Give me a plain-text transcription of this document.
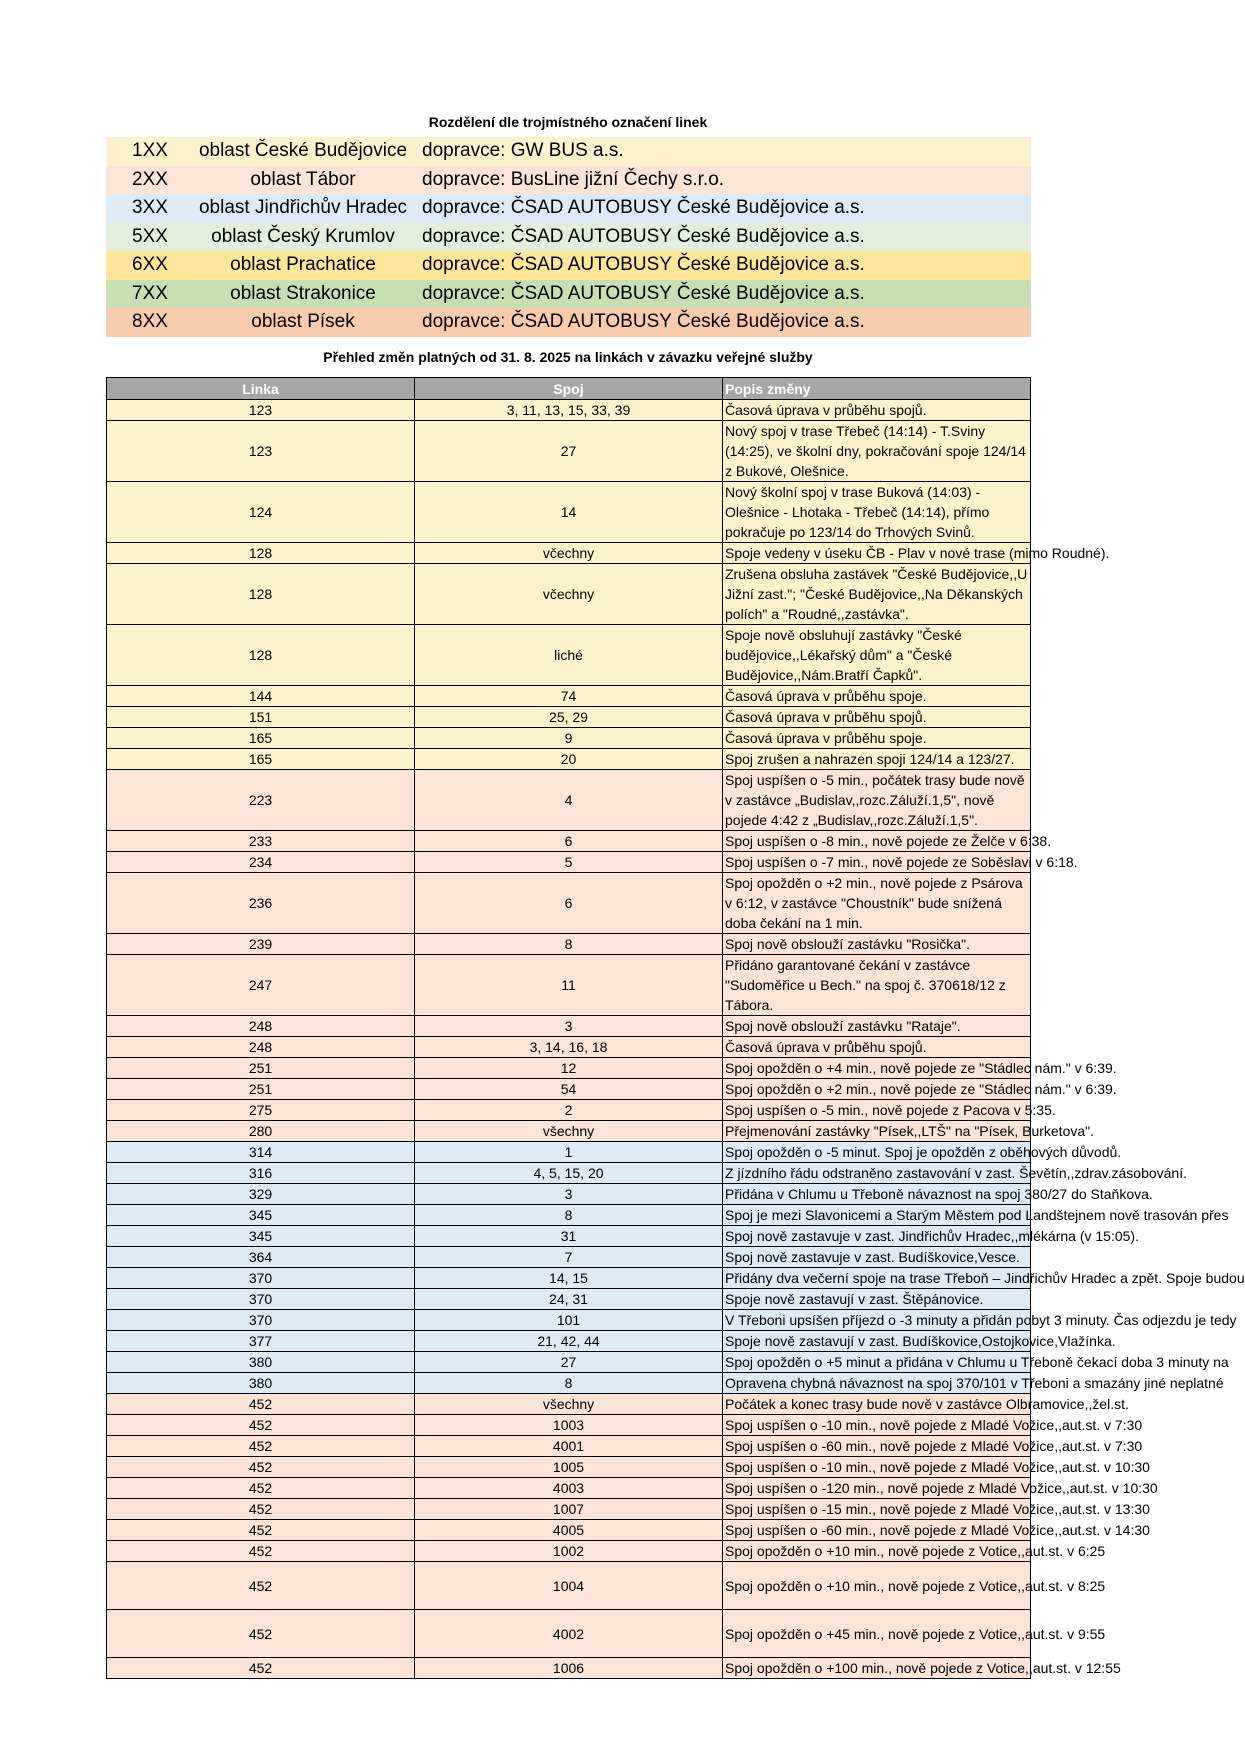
Rozdělení dle trojmístného označení linek
1XX	oblast České Budějovice	dopravce: GW BUS a.s.
2XX	oblast Tábor	dopravce: BusLine jižní Čechy s.r.o.
3XX	oblast Jindřichův Hradec	dopravce: ČSAD AUTOBUSY České Budějovice a.s.
5XX	oblast Český Krumlov	dopravce: ČSAD AUTOBUSY České Budějovice a.s.
6XX	oblast Prachatice	dopravce: ČSAD AUTOBUSY České Budějovice a.s.
7XX	oblast Strakonice	dopravce: ČSAD AUTOBUSY České Budějovice a.s.
8XX	oblast Písek	dopravce: ČSAD AUTOBUSY České Budějovice a.s.
Přehled změn platných od 31. 8. 2025 na linkách v závazku veřejné služby
Linka	Spoj	Popis změny
123	3, 11, 13, 15, 33, 39	Časová úprava v průběhu spojů.
123	27	Nový spoj v trase Třebeč (14:14) - T.Sviny (14:25), ve školní dny, pokračování spoje 124/14 z Bukové, Olešnice.
124	14	Nový školní spoj v trase Buková (14:03) - Olešnice - Lhotaka - Třebeč (14:14), přímo pokračuje po 123/14 do Trhových Svinů.
128	včechny	Spoje vedeny v úseku ČB - Plav v nové trase (mimo Roudné).
128	včechny	Zrušena obsluha zastávek "České Budějovice,,U Jižní zast."; "České Budějovice,,Na Děkanských polích" a "Roudné,,zastávka".
128	liché	Spoje nově obsluhují zastávky "České budějovice,,Lékařský dům" a "České Budějovice,,Nám.Bratří Čapků".
144	74	Časová úprava v průběhu spoje.
151	25, 29	Časová úprava v průběhu spojů.
165	9	Časová úprava v průběhu spoje.
165	20	Spoj zrušen a nahrazen spoji 124/14 a 123/27.
223	4	Spoj uspíšen o -5 min., počátek trasy bude nově v zastávce „Budislav,,rozc.Záluží.1,5", nově pojede 4:42 z „Budislav,,rozc.Záluží.1,5".
233	6	Spoj uspíšen o -8 min., nově pojede ze Želče v 6:38.
234	5	Spoj uspíšen o -7 min., nově pojede ze Soběslavi v 6:18.
236	6	Spoj opožděn o +2 min., nově pojede z Psárova v 6:12, v zastávce "Choustník" bude snížená doba čekání na 1 min.
239	8	Spoj nově obslouží zastávku "Rosička".
247	11	Přidáno garantované čekání v zastávce "Sudoměřice u Bech." na spoj č. 370618/12 z Tábora.
248	3	Spoj nově obslouží zastávku "Rataje".
248	3, 14, 16, 18	Časová úprava v průběhu spojů.
251	12	Spoj opožděn o +4 min., nově pojede ze "Stádlec nám." v 6:39.
251	54	Spoj opožděn o +2 min., nově pojede ze "Stádlec nám." v 6:39.
275	2	Spoj uspíšen o -5 min., nově pojede z Pacova v 5:35.
280	všechny	Přejmenování zastávky "Písek,,LTŠ" na "Písek, Burketova".
314	1	Spoj opožděn o -5 minut. Spoj je opožděn z oběhových důvodů.
316	4, 5, 15, 20	Z jízdního řádu odstraněno zastavování v zast. Ševětín,,zdrav.zásobování.
329	3	Přidána v Chlumu u Třeboně návaznost na spoj 380/27 do Staňkova.
345	8	Spoj je mezi Slavonicemi a Starým Městem pod Landštejnem nově trasován přes
345	31	Spoj nově zastavuje v zast. Jindřichův Hradec,,mlékárna (v 15:05).
364	7	Spoj nově zastavuje v zast. Budíškovice,Vesce.
370	14, 15	Přidány dva večerní spoje na trase Třeboň – Jindřichův Hradec a zpět. Spoje budou
370	24, 31	Spoje nově zastavují v zast. Štěpánovice.
370	101	V Třeboni upsíšen příjezd o -3 minuty a přidán pobyt 3 minuty. Čas odjezdu je tedy
377	21, 42, 44	Spoje nově zastavují v zast. Budíškovice,Ostojkovice,Vlažínka.
380	27	Spoj opožděn o +5 minut a přidána v Chlumu u Třeboně čekací doba 3 minuty na
380	8	Opravena chybná návaznost na spoj 370/101 v Třeboni a smazány jiné neplatné
452	všechny	Počátek a konec trasy bude nově v zastávce Olbramovice,,žel.st.
452	1003	Spoj uspíšen o -10 min., nově pojede z Mladé Vožice,,aut.st. v 7:30
452	4001	Spoj uspíšen o -60 min., nově pojede z Mladé Vožice,,aut.st. v 7:30
452	1005	Spoj uspíšen o -10 min., nově pojede z Mladé Vožice,,aut.st. v 10:30
452	4003	Spoj uspíšen o -120 min., nově pojede z Mladé Vožice,,aut.st. v 10:30
452	1007	Spoj uspíšen o -15 min., nově pojede z Mladé Vožice,,aut.st. v 13:30
452	4005	Spoj uspíšen o -60 min., nově pojede z Mladé Vožice,,aut.st. v 14:30
452	1002	Spoj opožděn o +10 min., nově pojede z Votice,,aut.st. v 6:25
452	1004	Spoj opožděn o +10 min., nově pojede z Votice,,aut.st. v 8:25
452	4002	Spoj opožděn o +45 min., nově pojede z Votice,,aut.st. v 9:55
452	1006	Spoj opožděn o +100 min., nově pojede z Votice,,aut.st. v 12:55
